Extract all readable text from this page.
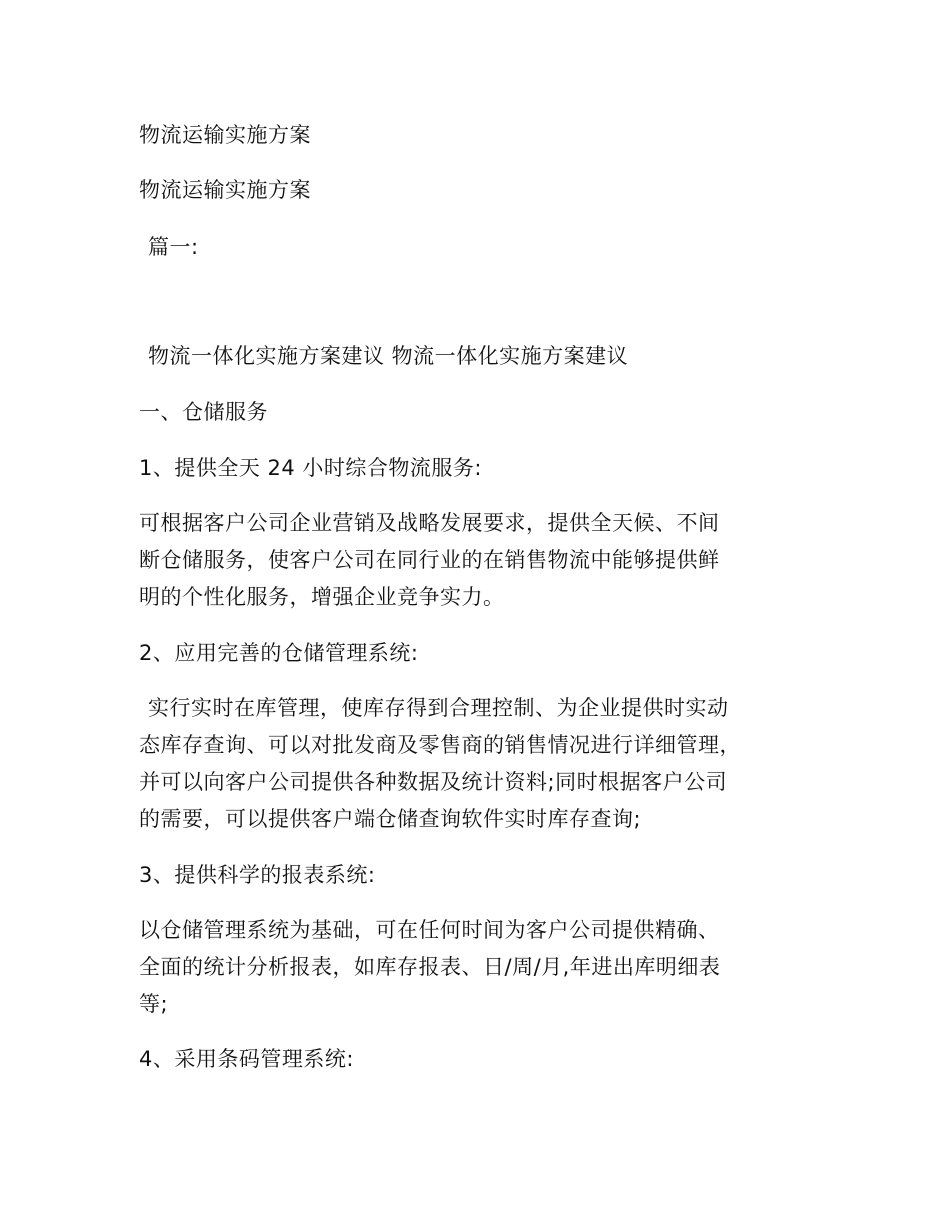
物流运输实施方案
物流运输实施方案
篇一:
物流一体化实施方案建议 物流一体化实施方案建议
一、仓储服务
1、提供全天 24 小时综合物流服务:
可根据客户公司企业营销及战略发展要求，提供全天候、不间
断仓储服务，使客户公司在同行业的在销售物流中能够提供鲜
明的个性化服务，增强企业竞争实力。
2、应用完善的仓储管理系统:
实行实时在库管理，使库存得到合理控制、为企业提供时实动
态库存查询、可以对批发商及零售商的销售情况进行详细管理，
并可以向客户公司提供各种数据及统计资料;同时根据客户公司
的需要，可以提供客户端仓储查询软件实时库存查询;
3、提供科学的报表系统:
以仓储管理系统为基础，可在任何时间为客户公司提供精确、
全面的统计分析报表，如库存报表、日/周/月,年进出库明细表
等;
4、采用条码管理系统:
